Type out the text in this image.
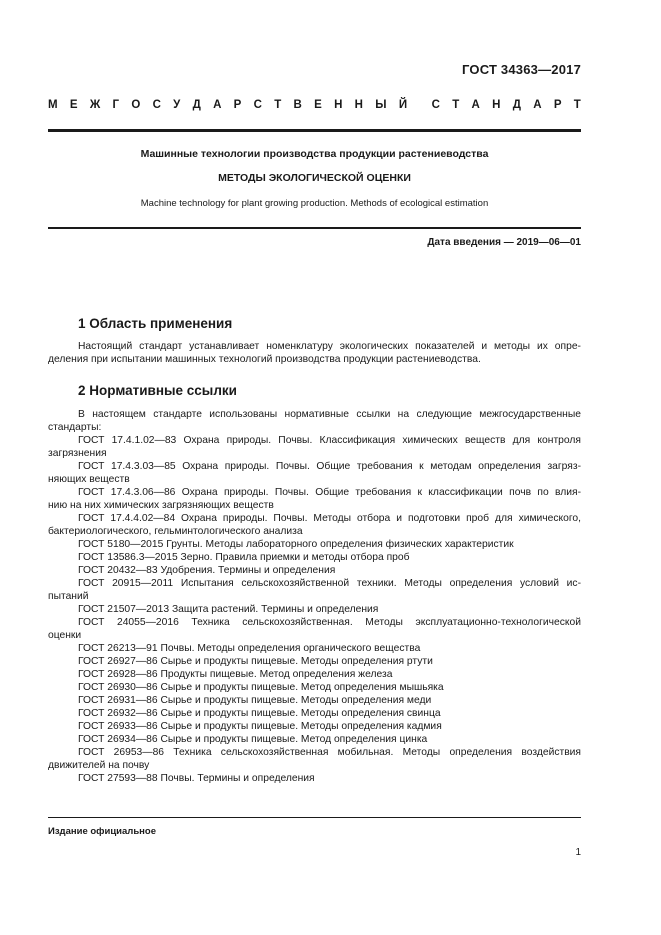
ГОСТ 34363—2017
М Е Ж Г О С У Д А Р С Т В Е Н Н Ы Й С Т А Н Д А Р Т
Машинные технологии производства продукции растениеводства
МЕТОДЫ ЭКОЛОГИЧЕСКОЙ ОЦЕНКИ
Machine technology for plant growing production. Methods of ecological estimation
Дата введения — 2019—06—01
1 Область применения
Настоящий стандарт устанавливает номенклатуру экологических показателей и методы их опре-
деления при испытании машинных технологий производства продукции растениеводства.
2 Нормативные ссылки
В настоящем стандарте использованы нормативные ссылки на следующие межгосударственные
стандарты:
ГОСТ 17.4.1.02—83 Охрана природы. Почвы. Классификация химических веществ для контроля
загрязнения
ГОСТ 17.4.3.03—85 Охрана природы. Почвы. Общие требования к методам определения загряз-
няющих веществ
ГОСТ 17.4.3.06—86 Охрана природы. Почвы. Общие требования к классификации почв по влия-
нию на них химических загрязняющих веществ
ГОСТ 17.4.4.02—84 Охрана природы. Почвы. Методы отбора и подготовки проб для химического,
бактериологического, гельминтологического анализа
ГОСТ 5180—2015 Грунты. Методы лабораторного определения физических характеристик
ГОСТ 13586.3—2015 Зерно. Правила приемки и методы отбора проб
ГОСТ 20432—83 Удобрения. Термины и определения
ГОСТ 20915—2011 Испытания сельскохозяйственной техники. Методы определения условий ис-
пытаний
ГОСТ 21507—2013 Защита растений. Термины и определения
ГОСТ 24055—2016 Техника сельскохозяйственная. Методы эксплуатационно-технологической
оценки
ГОСТ 26213—91 Почвы. Методы определения органического вещества
ГОСТ 26927—86 Сырье и продукты пищевые. Методы определения ртути
ГОСТ 26928—86 Продукты пищевые. Метод определения железа
ГОСТ 26930—86 Сырье и продукты пищевые. Метод определения мышьяка
ГОСТ 26931—86 Сырье и продукты пищевые. Методы определения меди
ГОСТ 26932—86 Сырье и продукты пищевые. Методы определения свинца
ГОСТ 26933—86 Сырье и продукты пищевые. Методы определения кадмия
ГОСТ 26934—86 Сырье и продукты пищевые. Метод определения цинка
ГОСТ 26953—86 Техника сельскохозяйственная мобильная. Методы определения воздействия
движителей на почву
ГОСТ 27593—88 Почвы. Термины и определения
Издание официальное
1
